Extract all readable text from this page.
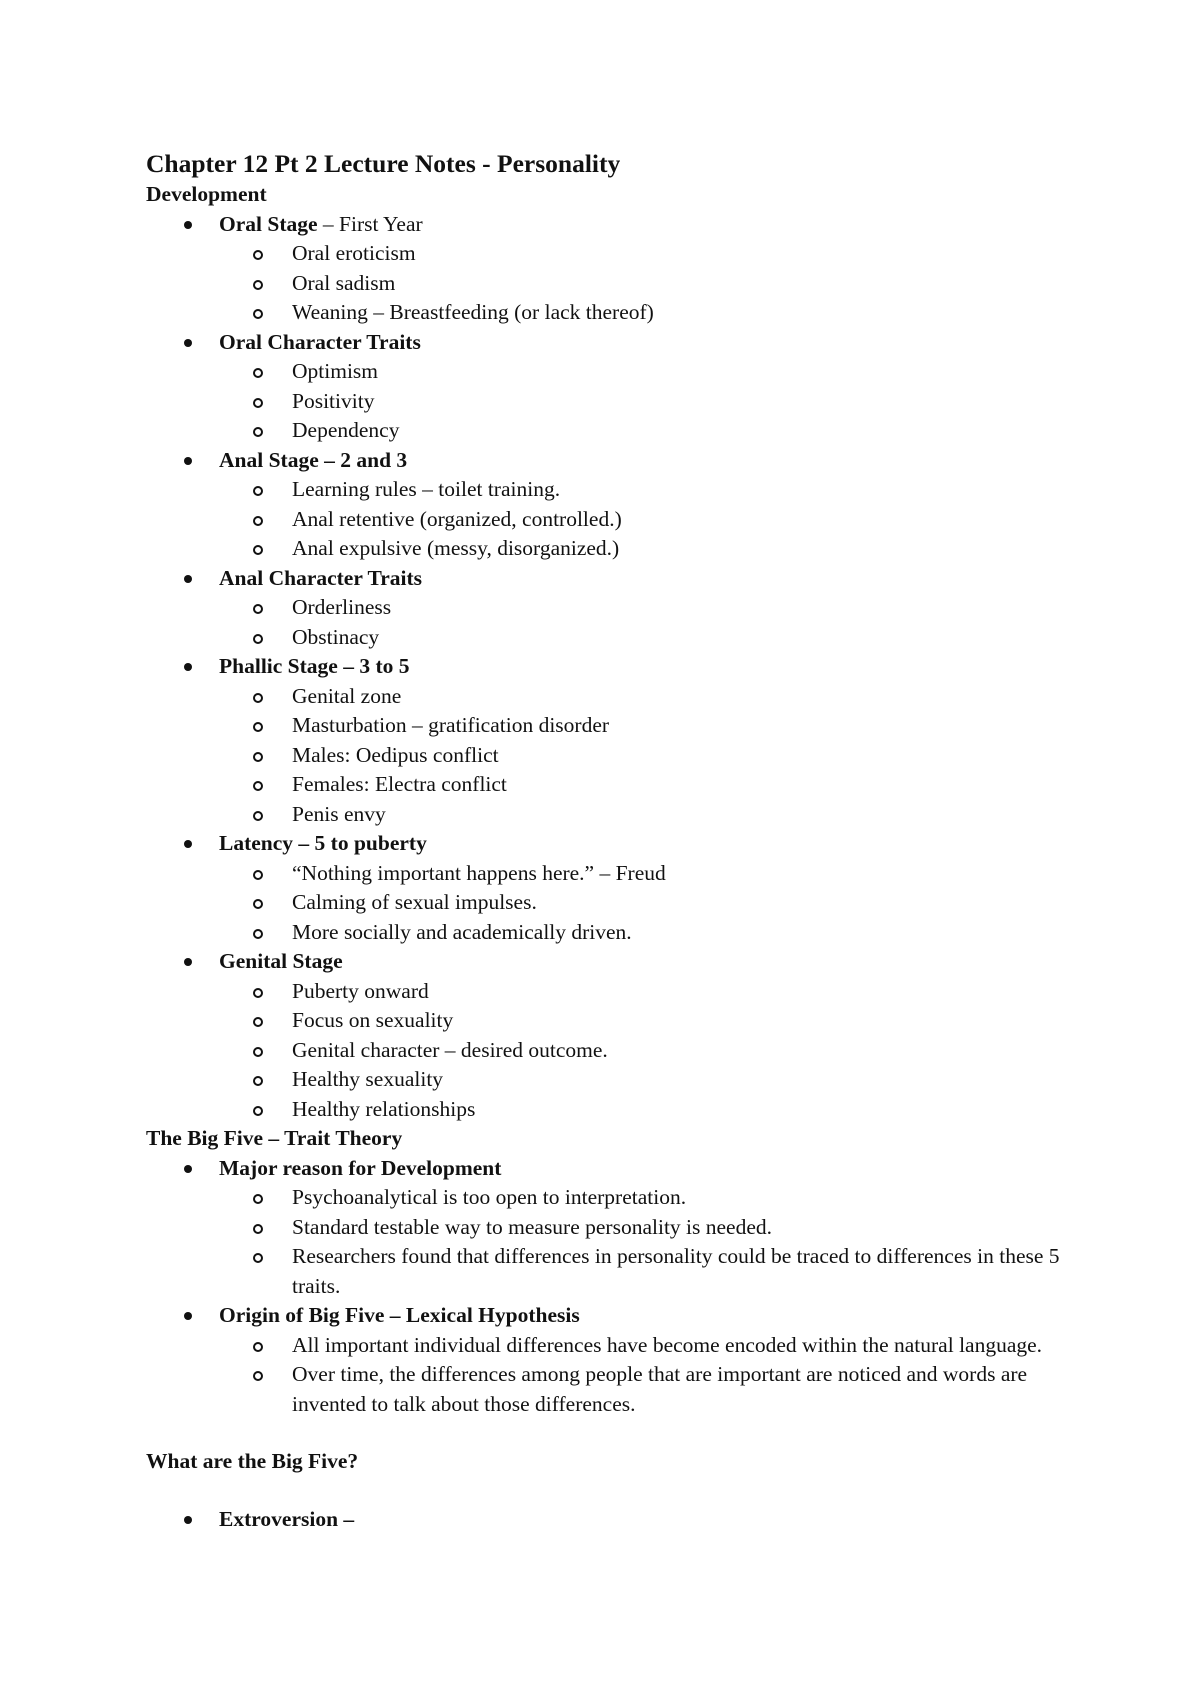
Chapter 12 Pt 2 Lecture Notes - Personality
Development
Oral Stage – First Year
Oral eroticism
Oral sadism
Weaning – Breastfeeding (or lack thereof)
Oral Character Traits
Optimism
Positivity
Dependency
Anal Stage – 2 and 3
Learning rules – toilet training.
Anal retentive (organized, controlled.)
Anal expulsive (messy, disorganized.)
Anal Character Traits
Orderliness
Obstinacy
Phallic Stage – 3 to 5
Genital zone
Masturbation – gratification disorder
Males: Oedipus conflict
Females: Electra conflict
Penis envy
Latency – 5 to puberty
“Nothing important happens here.” – Freud
Calming of sexual impulses.
More socially and academically driven.
Genital Stage
Puberty onward
Focus on sexuality
Genital character – desired outcome.
Healthy sexuality
Healthy relationships
The Big Five – Trait Theory
Major reason for Development
Psychoanalytical is too open to interpretation.
Standard testable way to measure personality is needed.
Researchers found that differences in personality could be traced to differences in these 5 traits.
Origin of Big Five – Lexical Hypothesis
All important individual differences have become encoded within the natural language.
Over time, the differences among people that are important are noticed and words are invented to talk about those differences.
What are the Big Five?
Extroversion –
